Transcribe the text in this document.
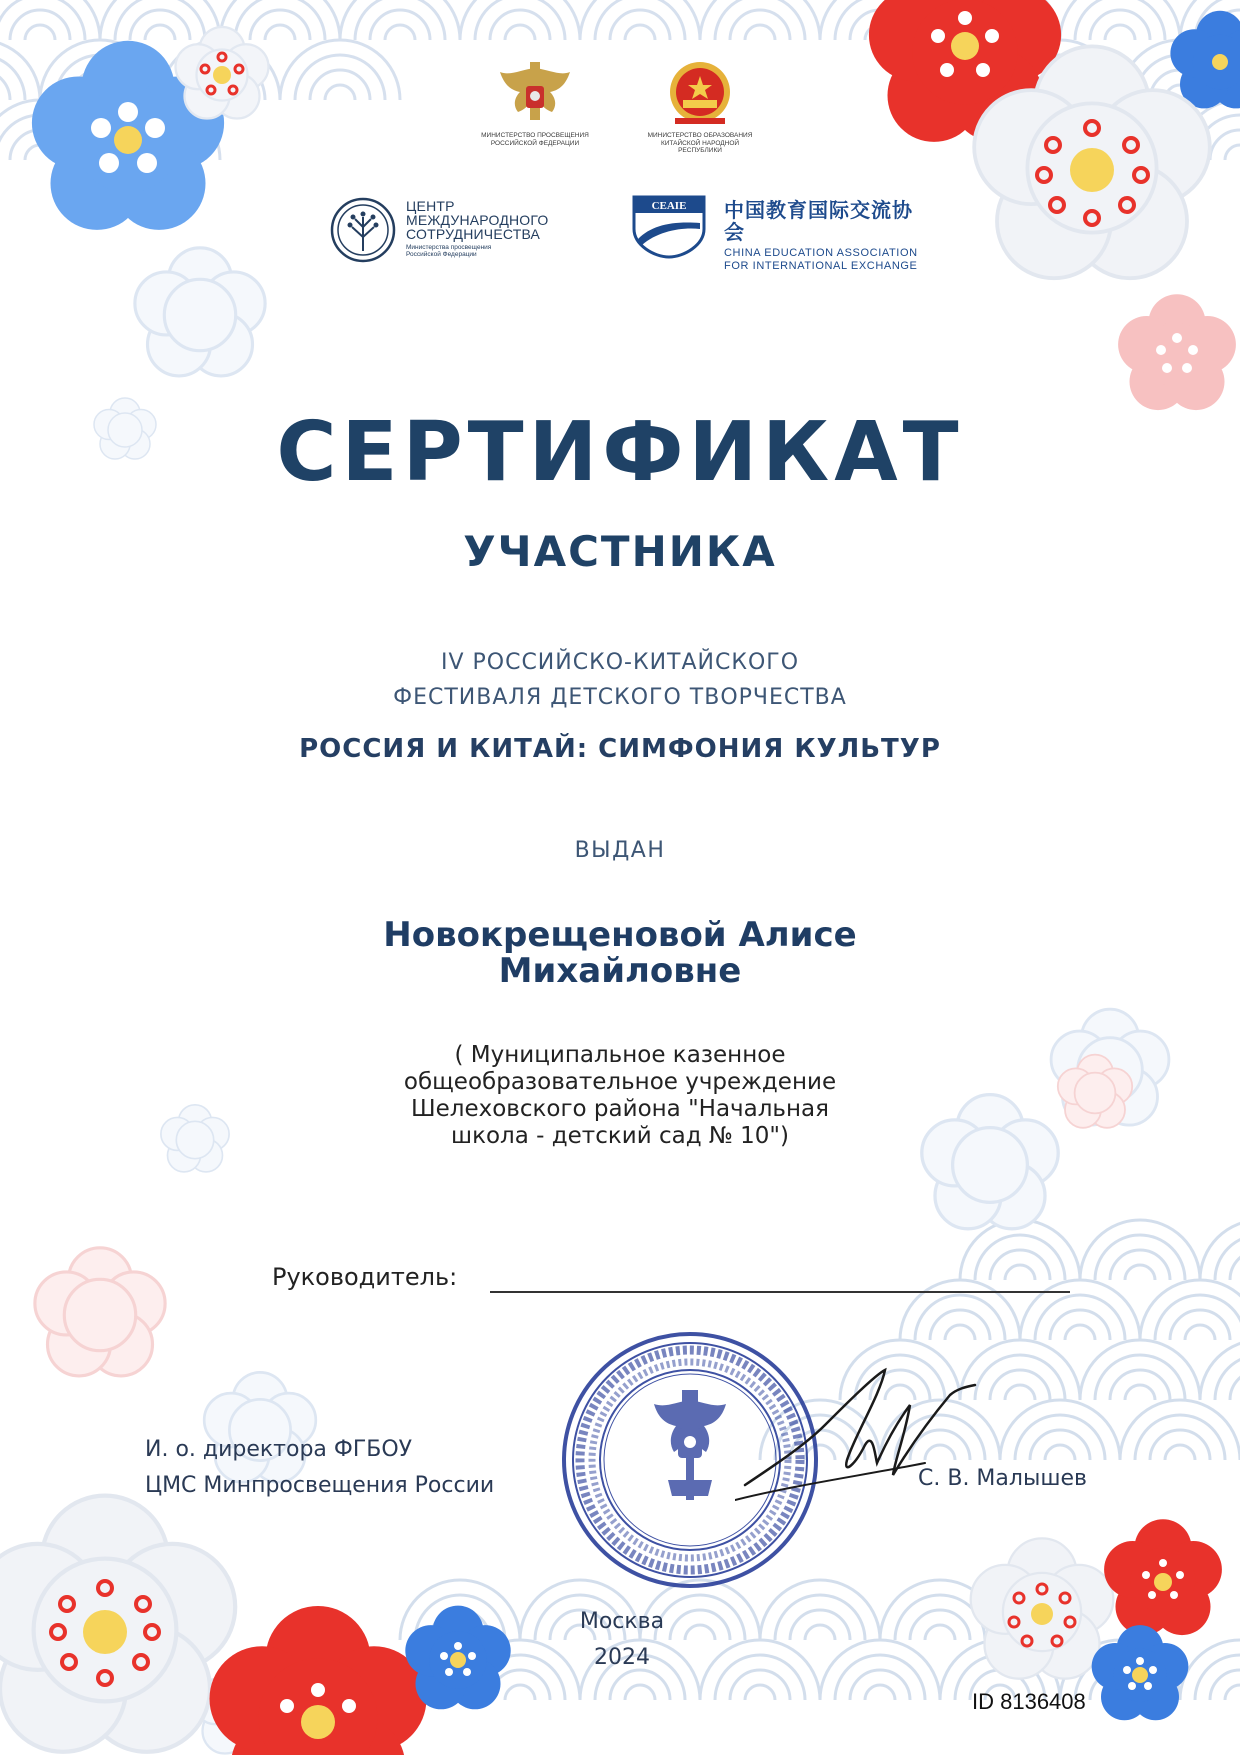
МИНИСТЕРСТВО ПРОСВЕЩЕНИЯ РОССИЙСКОЙ ФЕДЕРАЦИИ
МИНИСТЕРСТВО ОБРАЗОВАНИЯ КИТАЙСКОЙ НАРОДНОЙ РЕСПУБЛИКИ
ЦЕНТР
МЕЖДУНАРОДНОГО
СОТРУДНИЧЕСТВА
Министерства просвещения
Российской Федерации
CEAIE 中国教育国际交流协会
CHINA EDUCATION ASSOCIATION
FOR INTERNATIONAL EXCHANGE
СЕРТИФИКАТ
УЧАСТНИКА
IV РОССИЙСКО-КИТАЙСКОГО
ФЕСТИВАЛЯ ДЕТСКОГО ТВОРЧЕСТВА
РОССИЯ И КИТАЙ: СИМФОНИЯ КУЛЬТУР
ВЫДАН
Новокрещеновой Алисе
Михайловне
( Муниципальное казенное
общеобразовательное учреждение
Шелеховского района "Начальная
школа - детский сад № 10")
Руководитель:
И. о. директора ФГБОУ
ЦМС Минпросвещения России	С. В. Малышев
Москва
2024
ID 8136408
